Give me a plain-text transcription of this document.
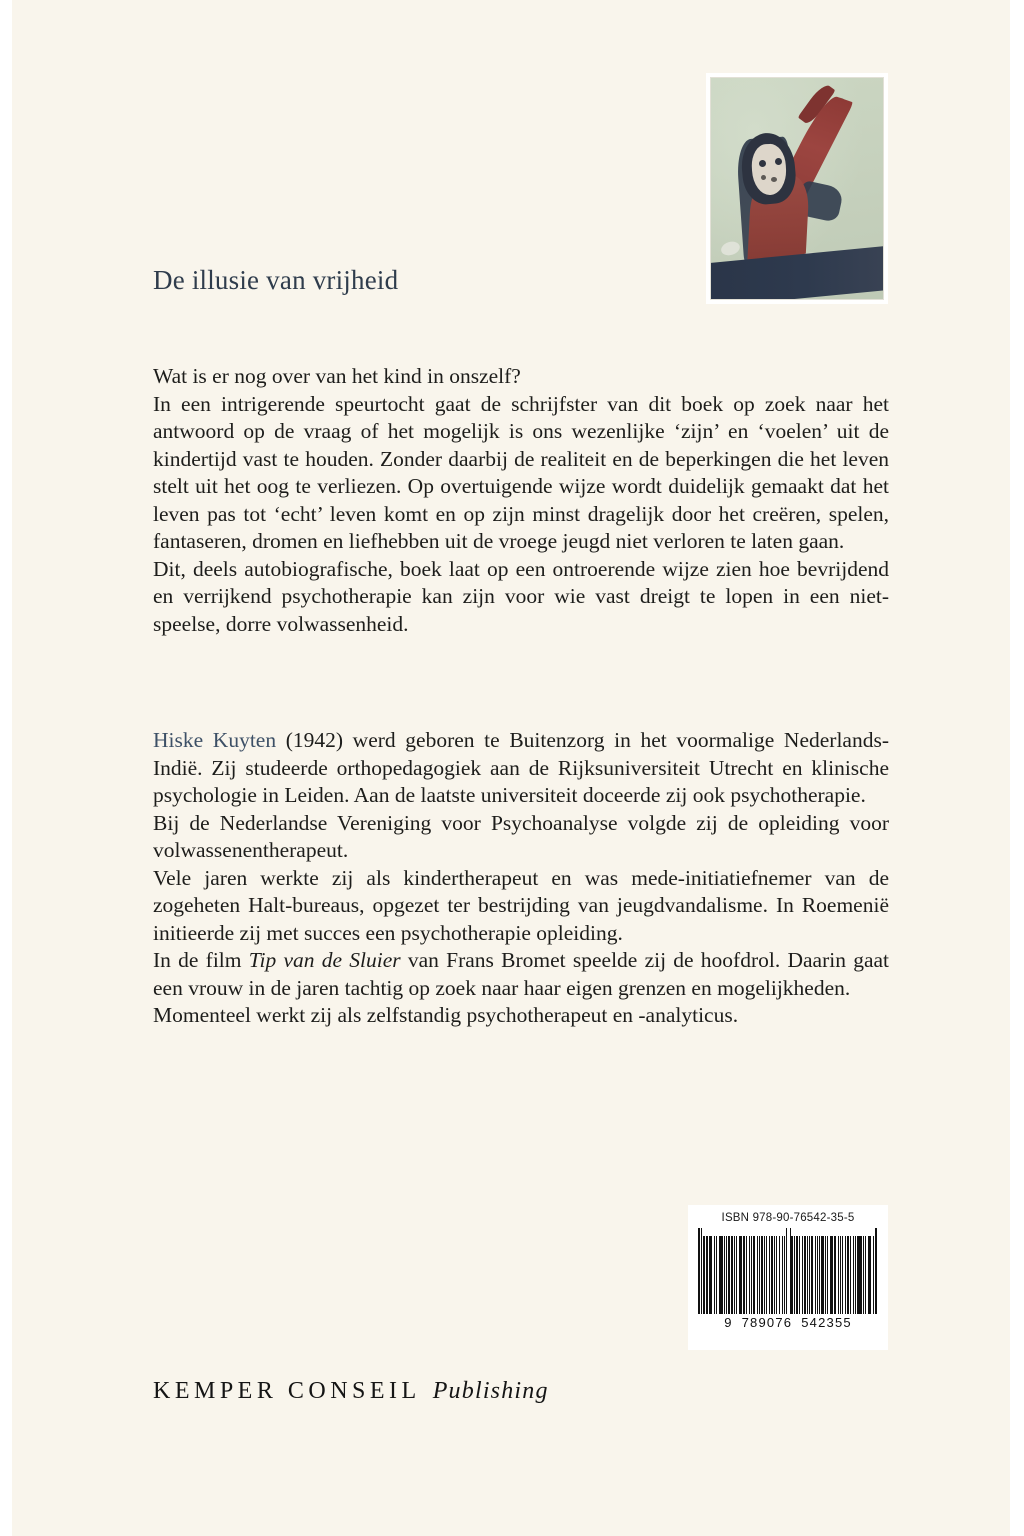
De illusie van vrijheid

Wat is er nog over van het kind in onszelf?

In een intrigerende speurtocht gaat de schrijfster van dit boek op zoek naar het antwoord op de vraag of het mogelijk is ons wezenlijke ‘zijn’ en ‘voelen’ uit de kindertijd vast te houden. Zonder daarbij de realiteit en de beperkingen die het leven stelt uit het oog te verliezen. Op overtuigende wijze wordt duidelijk gemaakt dat het leven pas tot ‘echt’ leven komt en op zijn minst dragelijk door het creëren, spelen, fantaseren, dromen en liefhebben uit de vroege jeugd niet verloren te laten gaan.

Dit, deels autobiografische, boek laat op een ontroerende wijze zien hoe bevrijdend en verrijkend psychotherapie kan zijn voor wie vast dreigt te lopen in een niet-speelse, dorre volwassenheid.

Hiske Kuyten (1942) werd geboren te Buitenzorg in het voormalige Nederlands-Indië. Zij studeerde orthopedagogiek aan de Rijksuniversiteit Utrecht en klinische psychologie in Leiden. Aan de laatste universiteit doceerde zij ook psychotherapie.

Bij de Nederlandse Vereniging voor Psychoanalyse volgde zij de opleiding voor volwassenentherapeut.

Vele jaren werkte zij als kindertherapeut en was mede-initiatiefnemer van de zogeheten Halt-bureaus, opgezet ter bestrijding van jeugdvandalisme. In Roemenië initieerde zij met succes een psychotherapie opleiding.

In de film Tip van de Sluier van Frans Bromet speelde zij de hoofdrol. Daarin gaat een vrouw in de jaren tachtig op zoek naar haar eigen grenzen en mogelijkheden.

Momenteel werkt zij als zelfstandig psychotherapeut en -analyticus.

ISBN 978-90-76542-35-5
9 789076 542355
KEMPER CONSEIL Publishing
